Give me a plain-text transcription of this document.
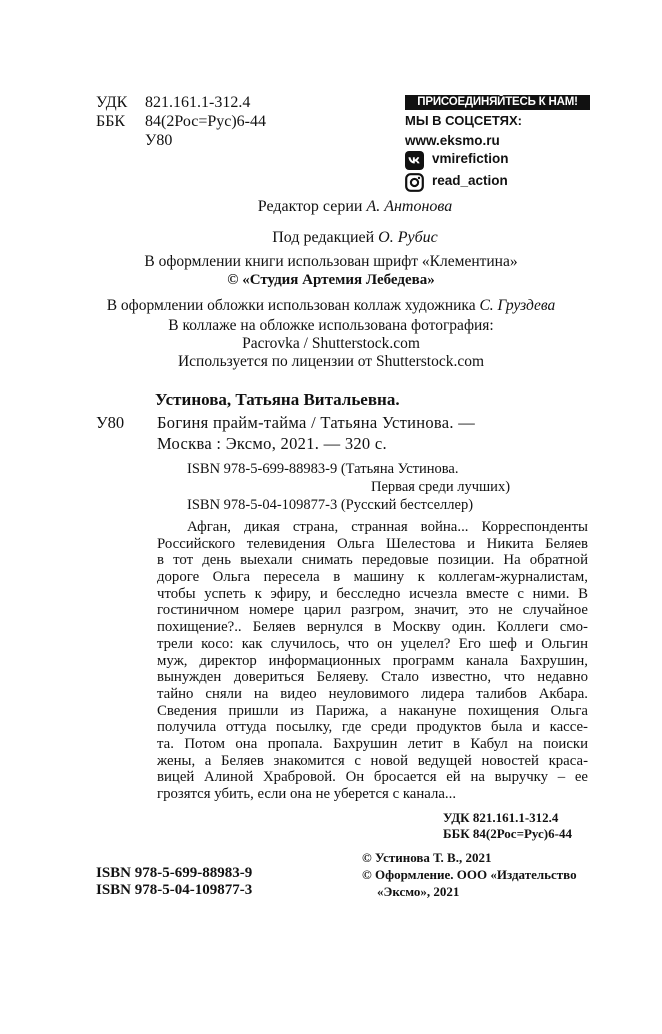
УДК 821.161.1-312.4
ББК 84(2Рос=Рус)6-44
У80
ПРИСОЕДИНЯЙТЕСЬ К НАМ!
МЫ В СОЦСЕТЯХ:
www.eksmo.ru
vmirefiction
read_action
Редактор серии А. Антонова
Под редакцией О. Рубис
В оформлении книги использован шрифт «Клементина»
© «Студия Артемия Лебедева»
В оформлении обложки использован коллаж художника С. Груздева
В коллаже на обложке использована фотография:
Pacrovka / Shutterstock.com
Используется по лицензии от Shutterstock.com
Устинова, Татьяна Витальевна.
У80 Богиня прайм-тайма / Татьяна Устинова. —
Москва : Эксмо, 2021. — 320 с.
ISBN 978-5-699-88983-9 (Татьяна Устинова.
Первая среди лучших)
ISBN 978-5-04-109877-3 (Русский бестселлер)
Афган, дикая страна, странная война... Корреспонденты
Российского телевидения Ольга Шелестова и Никита Беляев
в тот день выехали снимать передовые позиции. На обратной
дороге Ольга пересела в машину к коллегам-журналистам,
чтобы успеть к эфиру, и бесследно исчезла вместе с ними. В
гостиничном номере царил разгром, значит, это не случайное
похищение?.. Беляев вернулся в Москву один. Коллеги смо-
трели косо: как случилось, что он уцелел? Его шеф и Ольгин
муж, директор информационных программ канала Бахрушин,
вынужден довериться Беляеву. Стало известно, что недавно
тайно сняли на видео неуловимого лидера талибов Акбара.
Сведения пришли из Парижа, а накануне похищения Ольга
получила оттуда посылку, где среди продуктов была и кассе-
та. Потом она пропала. Бахрушин летит в Кабул на поиски
жены, а Беляев знакомится с новой ведущей новостей краса-
вицей Алиной Храбровой. Он бросается ей на выручку – ее
грозятся убить, если она не уберется с канала...
УДК 821.161.1-312.4
ББК 84(2Рос=Рус)6-44
ISBN 978-5-699-88983-9
ISBN 978-5-04-109877-3
© Устинова Т. В., 2021
© Оформление. ООО «Издательство
«Эксмо», 2021
